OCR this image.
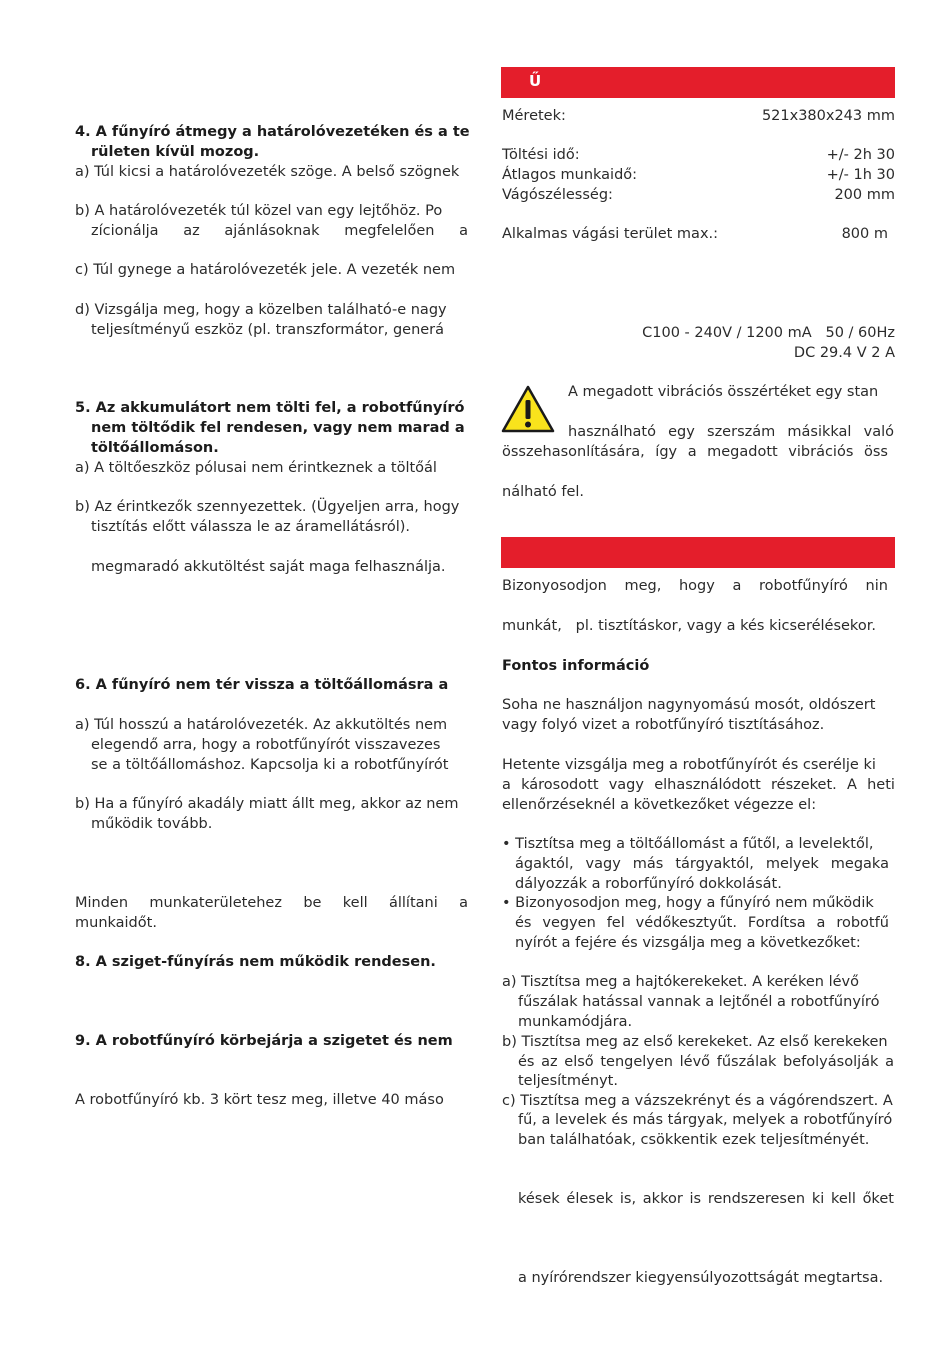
4. A fűnyíró átmegy a határolóvezetéken és a te
rületen kívül mozog.
a) Túl kicsi a határolóvezeték szöge. A belső szögnek
b) A határolóvezeték túl közel van egy lejtőhöz. Po
zícionálja az ajánlásoknak megfelelően a
c) Túl gynege a határolóvezeték jele. A vezeték nem
d) Vizsgálja meg, hogy a közelben található-e nagy
teljesítményű eszköz (pl. transzformátor, generá
5. Az akkumulátort nem tölti fel, a robotfűnyíró
nem töltődik fel rendesen, vagy nem marad a
töltőállomáson.
a) A töltőeszköz pólusai nem érintkeznek a töltőál
b) Az érintkezők szennyezettek. (Ügyeljen arra, hogy
tisztítás előtt válassza le az áramellátásról).
megmaradó akkutöltést saját maga felhasználja.
6. A fűnyíró nem tér vissza a töltőállomásra a
a) Túl hosszú a határolóvezeték. Az akkutöltés nem
elegendő arra, hogy a robotfűnyírót visszavezes
se a töltőállomáshoz. Kapcsolja ki a robotfűnyírót
b) Ha a fűnyíró akadály miatt állt meg, akkor az nem
működik tovább.
Minden munkaterületehez be kell állítani a
munkaidőt.
8. A sziget-fűnyírás nem működik rendesen.
9. A robotfűnyíró körbejárja a szigetet és nem
A robotfűnyíró kb. 3 kört tesz meg, illetve 40 máso
Ű
Méretek:	521x380x243 mm
Töltési idő:	+/- 2h 30
Átlagos munkaidő:	+/- 1h 30
Vágószélesség:	200 mm
Alkalmas vágási terület max.:	800 m
C100 - 240V / 1200 mA   50 / 60Hz
DC 29.4 V 2 A
A megadott vibrációs összértéket egy stan
használható egy szerszám másikkal való
összehasonlítására, így a megadott vibrációs öss
nálható fel.
Bizonyosodjon meg, hogy a robotfűnyíró nin
munkát,   pl. tisztításkor, vagy a kés kicserélésekor.
Fontos információ
Soha ne használjon nagynyomású mosót, oldószert
vagy folyó vizet a robotfűnyíró tisztításához.
Hetente vizsgálja meg a robotfűnyírót és cserélje ki
a károsodott vagy elhasználódott részeket. A heti
ellenőrzéseknél a következőket végezze el:
• Tisztítsa meg a töltőállomást a fűtől, a levelektől,
ágaktól, vagy más tárgyaktól, melyek megaka
dályozzák a roborfűnyíró dokkolását.
• Bizonyosodjon meg, hogy a fűnyíró nem működik
és vegyen fel védőkesztyűt. Fordítsa a robotfű
nyírót a fejére és vizsgálja meg a következőket:
a) Tisztítsa meg a hajtókerekeket. A keréken lévő
fűszálak hatással vannak a lejtőnél a robotfűnyíró
munkamódjára.
b) Tisztítsa meg az első kerekeket. Az első kerekeken
és az első tengelyen lévő fűszálak befolyásolják a
teljesítményt.
c) Tisztítsa meg a vázszekrényt és a vágórendszert. A
fű, a levelek és más tárgyak, melyek a robotfűnyíró
ban találhatóak, csökkentik ezek teljesítményét.
kések élesek is, akkor is rendszeresen ki kell őket
a nyírórendszer kiegyensúlyozottságát megtartsa.
